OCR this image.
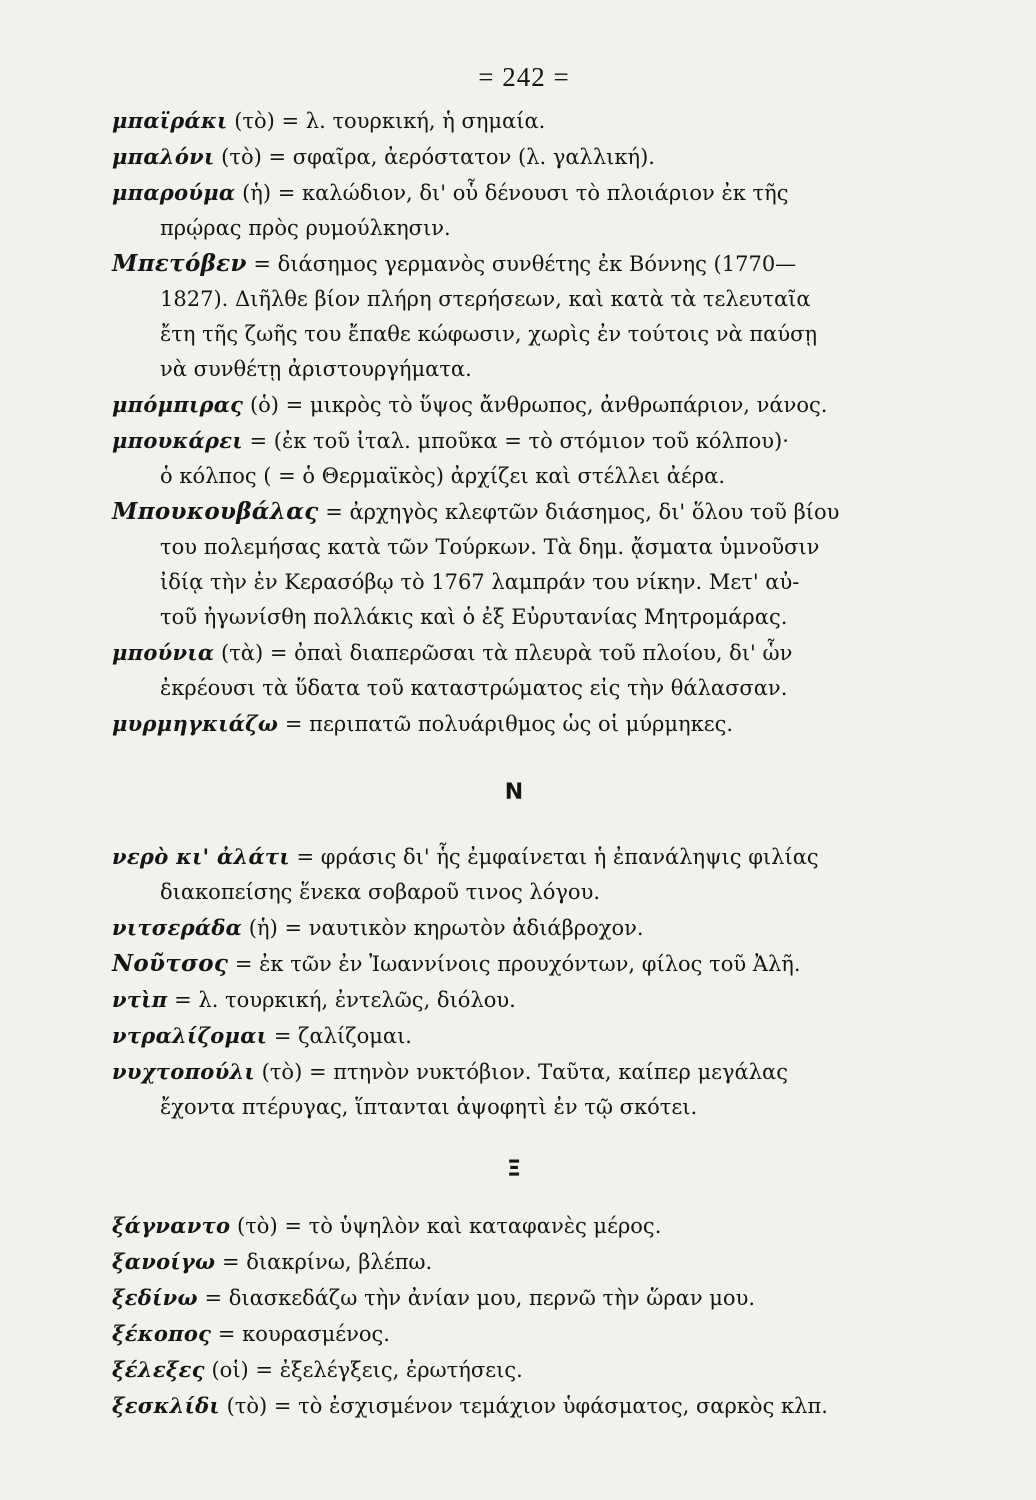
= 242 =

μπαϊράκι (τὸ) = λ. τουρκική, ἡ σημαία.

μπαλόνι (τὸ) = σφαῖρα, ἀερόστατον (λ. γαλλική).

μπαρούμα (ἡ) = καλώδιον, δι' οὗ δένουσι τὸ πλοιάριον ἐκ τῆς
πρῴρας πρὸς ρυμούλκησιν.

Μπετόβεν = διάσημος γερμανὸς συνθέτης ἐκ Βόννης (1770—
1827). Διῆλθε βίον πλήρη στερήσεων, καὶ κατὰ τὰ τελευταῖα
ἔτη τῆς ζωῆς του ἔπαθε κώφωσιν, χωρὶς ἐν τούτοις νὰ παύσῃ
νὰ συνθέτῃ ἀριστουργήματα.

μπόμπιρας (ὁ) = μικρὸς τὸ ὕψος ἄνθρωπος, ἀνθρωπάριον, νάνος.

μπουκάρει = (ἐκ τοῦ ἰταλ. μποῦκα = τὸ στόμιον τοῦ κόλπου)·
ὁ κόλπος ( = ὁ Θερμαϊκὸς) ἀρχίζει καὶ στέλλει ἀέρα.

Μπουκουβάλας = ἀρχηγὸς κλεφτῶν διάσημος, δι' ὅλου τοῦ βίου
του πολεμήσας κατὰ τῶν Τούρκων. Τὰ δημ. ᾄσματα ὑμνοῦσιν
ἰδίᾳ τὴν ἐν Κερασόβῳ τὸ 1767 λαμπράν του νίκην. Μετ' αὐ-
τοῦ ἠγωνίσθη πολλάκις καὶ ὁ ἐξ Εὐρυτανίας Μητρομάρας.

μπούνια (τὰ) = ὀπαὶ διαπερῶσαι τὰ πλευρὰ τοῦ πλοίου, δι' ὧν
ἐκρέουσι τὰ ὕδατα τοῦ καταστρώματος εἰς τὴν θάλασσαν.

μυρμηγκιάζω = περιπατῶ πολυάριθμος ὡς οἱ μύρμηκες.

Ν

νερὸ κι' ἀλάτι = φράσις δι' ἧς ἐμφαίνεται ἡ ἐπανάληψις φιλίας
διακοπείσης ἕνεκα σοβαροῦ τινος λόγου.

νιτσεράδα (ἡ) = ναυτικὸν κηρωτὸν ἀδιάβροχον.

Νοῦτσος = ἐκ τῶν ἐν Ἰωαννίνοις προυχόντων, φίλος τοῦ Ἀλῆ.

ντὶπ = λ. τουρκική, ἐντελῶς, διόλου.

ντραλίζομαι = ζαλίζομαι.

νυχτοπούλι (τὸ) = πτηνὸν νυκτόβιον. Ταῦτα, καίπερ μεγάλας
ἔχοντα πτέρυγας, ἵπτανται ἀψοφητὶ ἐν τῷ σκότει.

Ξ

ξάγναντο (τὸ) = τὸ ὑψηλὸν καὶ καταφανὲς μέρος.

ξανοίγω = διακρίνω, βλέπω.

ξεδίνω = διασκεδάζω τὴν ἀνίαν μου, περνῶ τὴν ὥραν μου.

ξέκοπος = κουρασμένος.

ξέλεξες (οἱ) = ἐξελέγξεις, ἐρωτήσεις.

ξεσκλίδι (τὸ) = τὸ ἐσχισμένον τεμάχιον ὑφάσματος, σαρκὸς κλπ.
